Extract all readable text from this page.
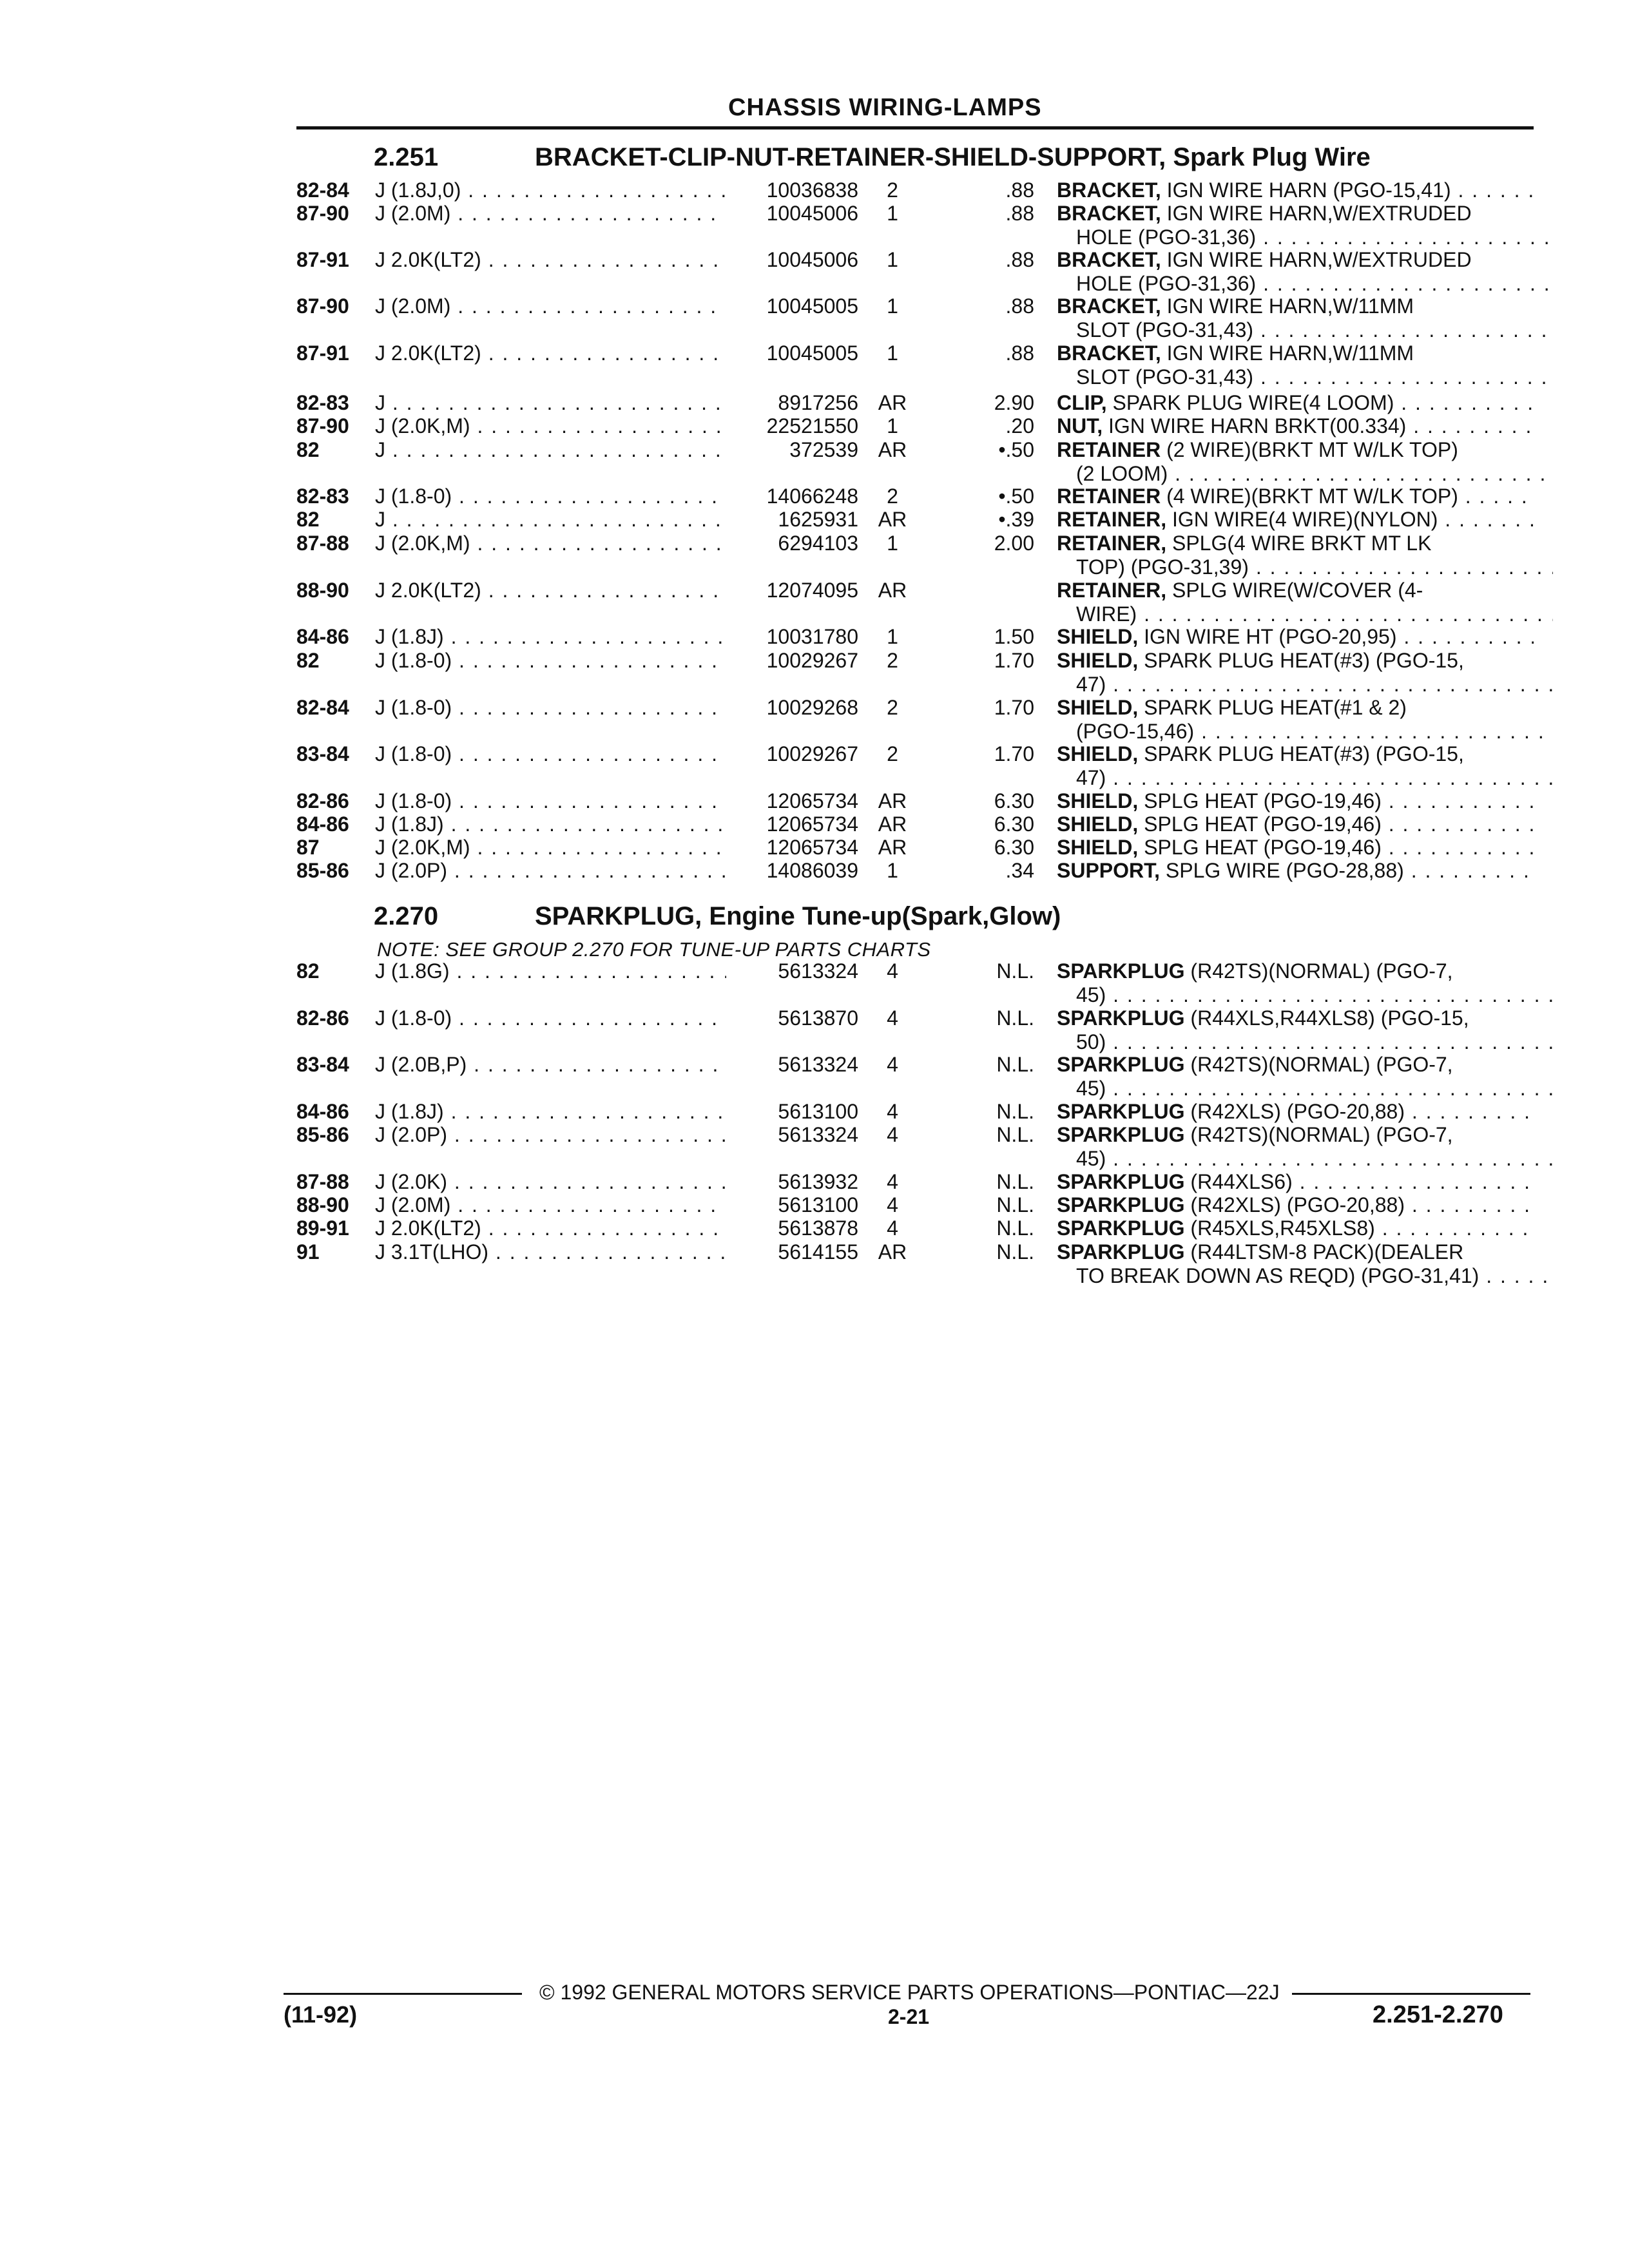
CHASSIS WIRING-LAMPS
2.251	BRACKET-CLIP-NUT-RETAINER-SHIELD-SUPPORT, Spark Plug Wire
2.270	SPARKPLUG, Engine Tune-up(Spark,Glow)
NOTE: SEE GROUP 2.270 FOR TUNE-UP PARTS CHARTS
82-84 J (1.8J,0) . . .	10036838	2	.88 BRACKET, IGN WIRE HARN (PGO-15,41) . . .
87-90 J (2.0M) . . .	10045006	1	.88 BRACKET, IGN WIRE HARN,W/EXTRUDED
HOLE (PGO-31,36) . . .
87-91 J 2.0K(LT2) . . .	10045006	1	.88 BRACKET, IGN WIRE HARN,W/EXTRUDED
HOLE (PGO-31,36) . . .
87-90 J (2.0M) . . .	10045005	1	.88 BRACKET, IGN WIRE HARN,W/11MM
SLOT (PGO-31,43) . . .
87-91 J 2.0K(LT2) . . .	10045005	1	.88 BRACKET, IGN WIRE HARN,W/11MM
SLOT (PGO-31,43) . . .
82-83 J . . .	8917256 AR	2.90 CLIP, SPARK PLUG WIRE(4 LOOM) . . .
87-90 J (2.0K,M) . . .	22521550	1	.20 NUT, IGN WIRE HARN BRKT(00.334) . . .
82	J . . .	372539 AR	•.50 RETAINER (2 WIRE)(BRKT MT W/LK TOP)
(2 LOOM) . . .
82-83 J (1.8-0) . . .	14066248	2	•.50 RETAINER (4 WIRE)(BRKT MT W/LK TOP) . . .
82	J . . .	1625931 AR	•.39 RETAINER, IGN WIRE(4 WIRE)(NYLON) . . .
87-88 J (2.0K,M) . . .	6294103	1	2.00 RETAINER, SPLG(4 WIRE BRKT MT LK
TOP) (PGO-31,39) . . .
88-90 J 2.0K(LT2) . . .	12074095 AR	RETAINER, SPLG WIRE(W/COVER (4-
WIRE) . . .
84-86 J (1.8J) . . .	10031780	1	1.50 SHIELD, IGN WIRE HT (PGO-20,95) . . .
82	J (1.8-0) . . .	10029267	2	1.70 SHIELD, SPARK PLUG HEAT(#3) (PGO-15,
47) . . .
82-84 J (1.8-0) . . .	10029268	2	1.70 SHIELD, SPARK PLUG HEAT(#1 & 2)
(PGO-15,46) . . .
83-84 J (1.8-0) . . .	10029267	2	1.70 SHIELD, SPARK PLUG HEAT(#3) (PGO-15,
47) . . .
82-86 J (1.8-0) . . .	12065734 AR	6.30 SHIELD, SPLG HEAT (PGO-19,46) . . .
84-86 J (1.8J) . . .	12065734 AR	6.30 SHIELD, SPLG HEAT (PGO-19,46) . . .
87	J (2.0K,M) . . .	12065734 AR	6.30 SHIELD, SPLG HEAT (PGO-19,46) . . .
85-86 J (2.0P) . . .	14086039	1	.34 SUPPORT, SPLG WIRE (PGO-28,88) . . .
82	J (1.8G) . . .	5613324	4	N.L. SPARKPLUG (R42TS)(NORMAL) (PGO-7,
45) . . .
82-86 J (1.8-0) . . .	5613870	4	N.L. SPARKPLUG (R44XLS,R44XLS8) (PGO-15,
50) . . .
83-84 J (2.0B,P) . . .	5613324	4	N.L. SPARKPLUG (R42TS)(NORMAL) (PGO-7,
45) . . .
84-86 J (1.8J) . . .	5613100	4	N.L. SPARKPLUG (R42XLS) (PGO-20,88) . . .
85-86 J (2.0P) . . .	5613324	4	N.L. SPARKPLUG (R42TS)(NORMAL) (PGO-7,
45) . . .
87-88 J (2.0K) . . .	5613932	4	N.L. SPARKPLUG (R44XLS6) . . .
88-90 J (2.0M) . . .	5613100	4	N.L. SPARKPLUG (R42XLS) (PGO-20,88) . . .
89-91 J 2.0K(LT2) . . .	5613878	4	N.L. SPARKPLUG (R45XLS,R45XLS8) . . .
91	J 3.1T(LHO) . . .	5614155 AR	N.L. SPARKPLUG (R44LTSM-8 PACK)(DEALER
TO BREAK DOWN AS REQD) (PGO-31,41) . . .
© 1992 GENERAL MOTORS SERVICE PARTS OPERATIONS—PONTIAC—22J
(11-92)	2-21	2.251-2.270
